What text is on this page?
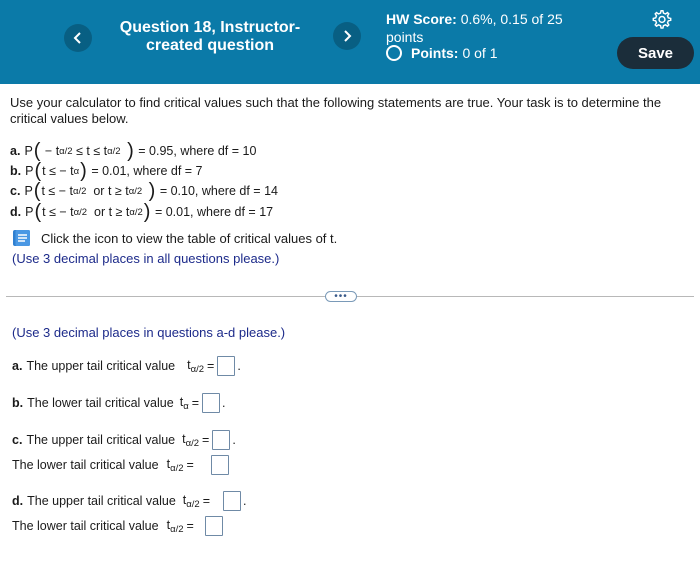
Question 18, Instructor-created question
HW Score: 0.6%, 0.15 of 25
points
Points: 0 of 1	Save
Use your calculator to find critical values such that the following statements are true. Your task is to determine the critical values below.
a. P ( − t α/2 ≤ t ≤ t α/2 )
= 0.95, where df = 10
b. P ( t ≤ − t α )
= 0.01, where df = 7
c. P ( t ≤ − t α/2 or t ≥ t α/2 )
= 0.10, where df = 14
d. P ( t ≤ − t α/2 or t ≥ t α/2 )
= 0.01, where df = 17
Click the icon to view the table of critical values of t.
(Use 3 decimal places in all questions please.)
•••
(Use 3 decimal places in questions a-d please.)
a. The upper tail critical value $t_{\alpha/2}$ = .
b. The lower tail critical value $t_\alpha$ = .
c. The upper tail critical value $t_{\alpha/2}$ = .
The lower tail critical value $t_{\alpha/2}$ =
d. The upper tail critical value $t_{\alpha/2}$ =	.
The lower tail critical value $t_{\alpha/2}$ =
